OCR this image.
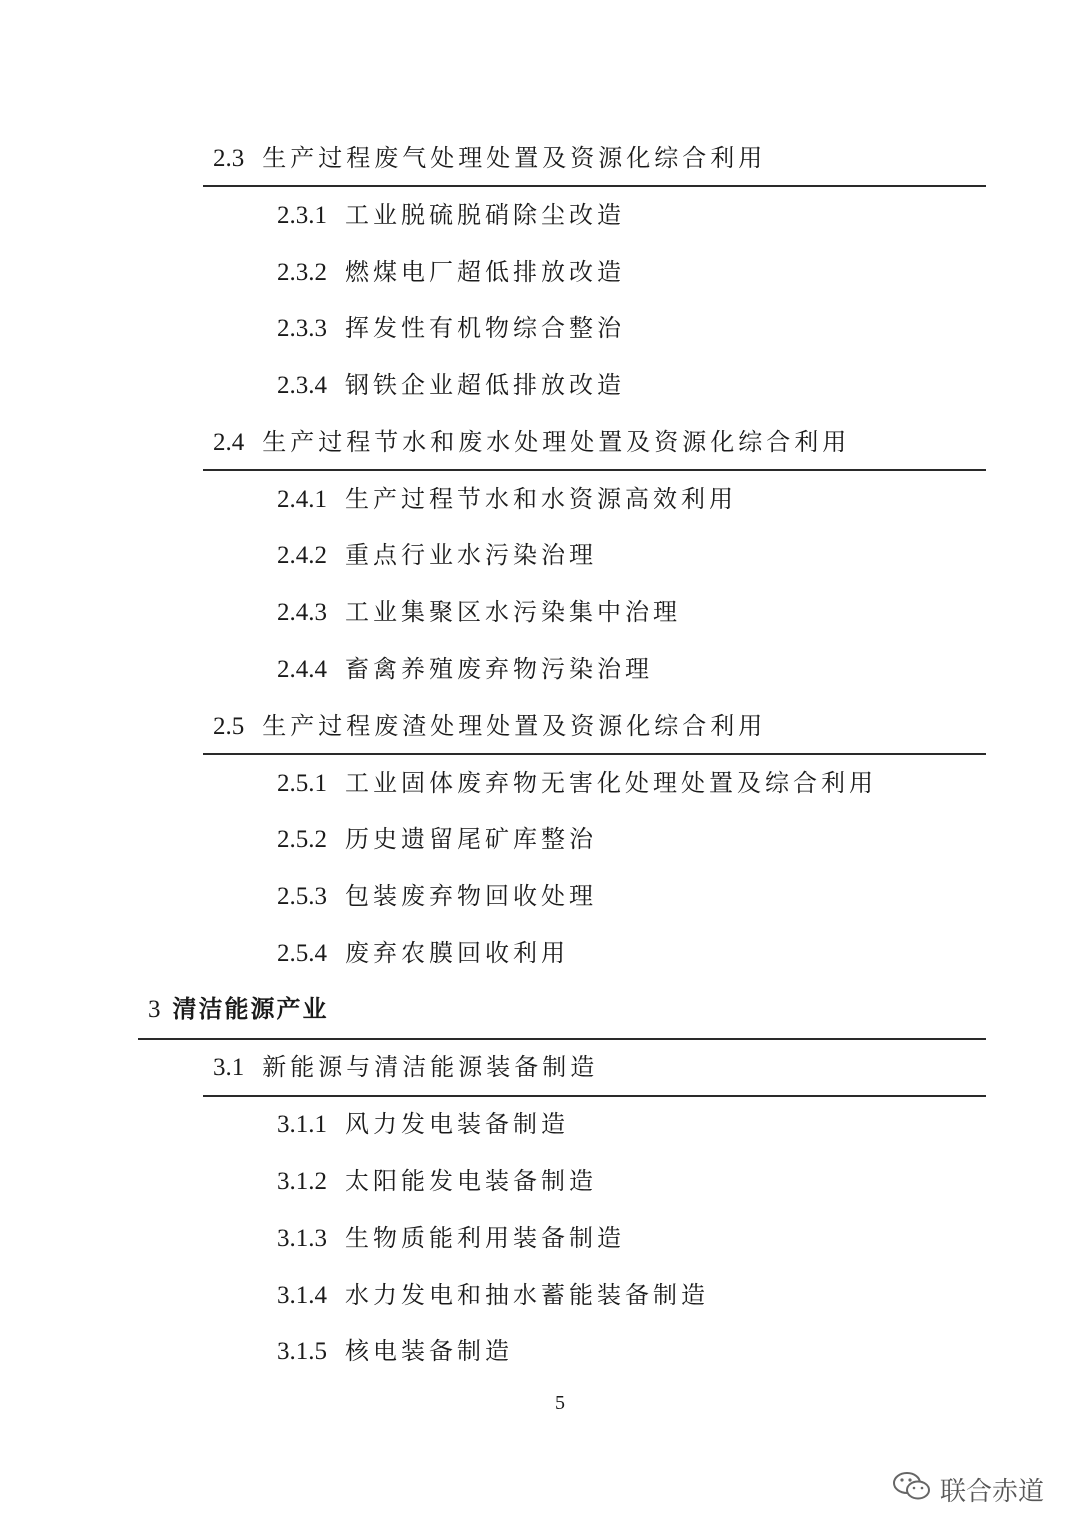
2.3 生产过程废气处理处置及资源化综合利用
2.3.1 工业脱硫脱硝除尘改造
2.3.2 燃煤电厂超低排放改造
2.3.3 挥发性有机物综合整治
2.3.4 钢铁企业超低排放改造
2.4 生产过程节水和废水处理处置及资源化综合利用
2.4.1 生产过程节水和水资源高效利用
2.4.2 重点行业水污染治理
2.4.3 工业集聚区水污染集中治理
2.4.4 畜禽养殖废弃物污染治理
2.5 生产过程废渣处理处置及资源化综合利用
2.5.1 工业固体废弃物无害化处理处置及综合利用
2.5.2 历史遗留尾矿库整治
2.5.3 包装废弃物回收处理
2.5.4 废弃农膜回收利用
3 清洁能源产业
3.1 新能源与清洁能源装备制造
3.1.1 风力发电装备制造
3.1.2 太阳能发电装备制造
3.1.3 生物质能利用装备制造
3.1.4 水力发电和抽水蓄能装备制造
3.1.5 核电装备制造
5
联合赤道
